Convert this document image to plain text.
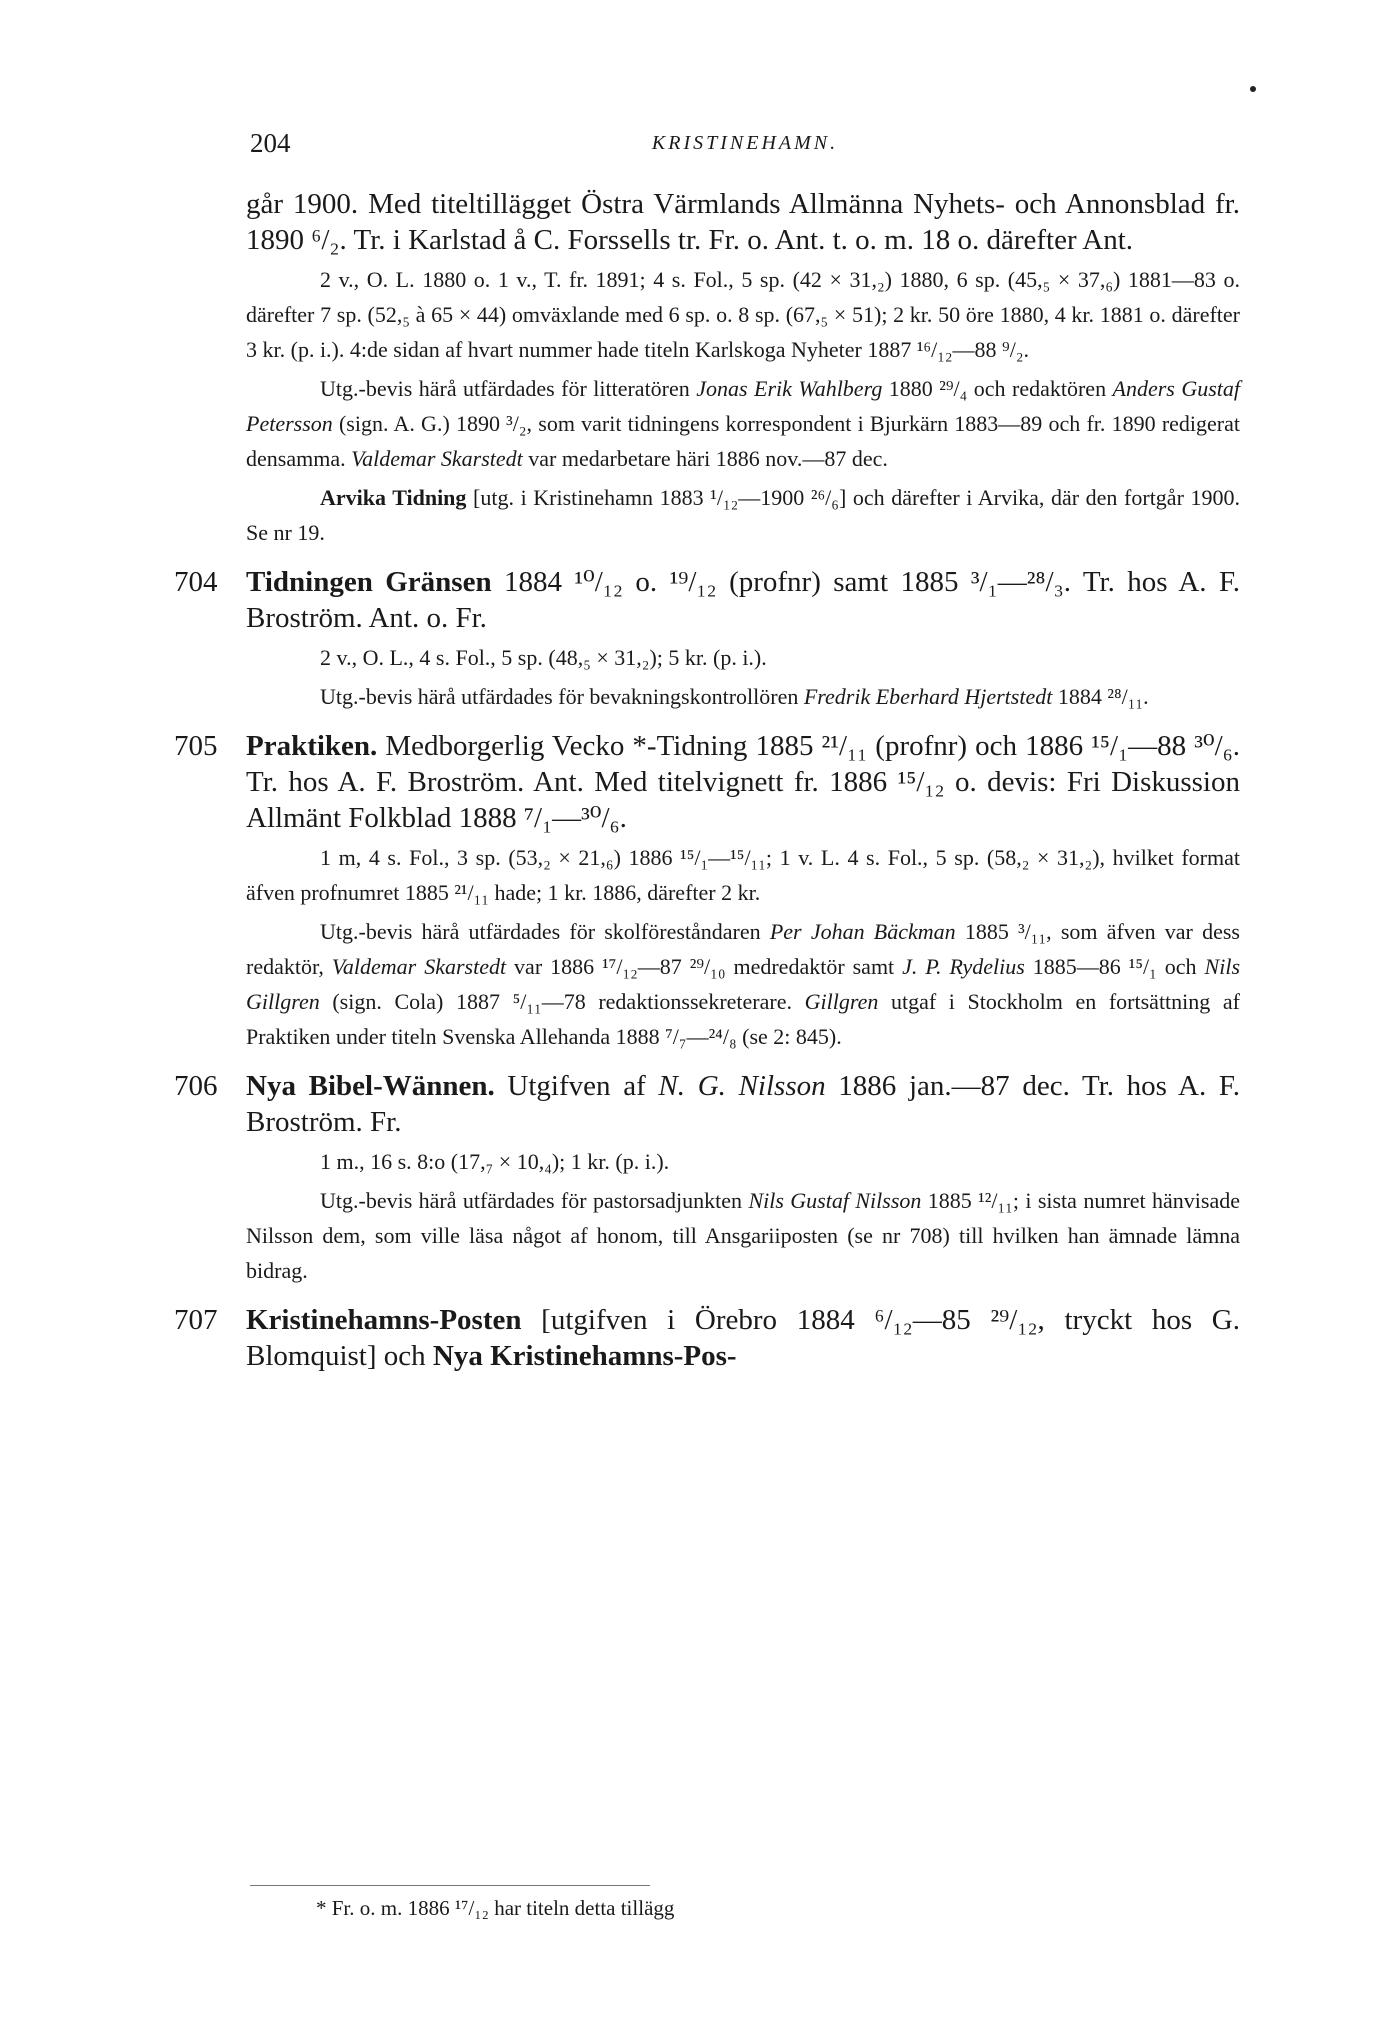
204	KRISTINEHAMN.

går 1900. Med titeltillägget Östra Värmlands Allmänna Nyhets- och Annonsblad fr. 1890 ⁶/₂. Tr. i Karlstad å C. Forssells tr. Fr. o. Ant. t. o. m. 18 o. därefter Ant.

2 v., O. L. 1880 o. 1 v., T. fr. 1891; 4 s. Fol., 5 sp. (42 × 31,₂) 1880, 6 sp. (45,₅ × 37,₆) 1881—83 o. därefter 7 sp. (52,₅ à 65 × 44) omväxlande med 6 sp. o. 8 sp. (67,₅ × 51); 2 kr. 50 öre 1880, 4 kr. 1881 o. därefter 3 kr. (p. i.). 4:de sidan af hvart nummer hade titeln Karlskoga Nyheter 1887 ¹⁶/₁₂—88 ⁹/₂.

Utg.-bevis härå utfärdades för litteratören Jonas Erik Wahlberg 1880 ²⁹/₄ och redaktören Anders Gustaf Petersson (sign. A. G.) 1890 ³/₂, som varit tidningens korrespondent i Bjurkärn 1883—89 och fr. 1890 redigerat densamma. Valdemar Skarstedt var medarbetare häri 1886 nov.—87 dec.

Arvika Tidning [utg. i Kristinehamn 1883 ¹/₁₂—1900 ²⁶/₆] och därefter i Arvika, där den fortgår 1900. Se nr 19.

704 Tidningen Gränsen 1884 ¹⁰/₁₂ o. ¹⁹/₁₂ (profnr) samt 1885 ³/₁—²⁸/₃. Tr. hos A. F. Broström. Ant. o. Fr.

2 v., O. L., 4 s. Fol., 5 sp. (48,₅ × 31,₂); 5 kr. (p. i.).

Utg.-bevis härå utfärdades för bevakningskontrollören Fredrik Eberhard Hjertstedt 1884 ²⁸/₁₁.

705 Praktiken. Medborgerlig Vecko *-Tidning 1885 ²¹/₁₁ (profnr) och 1886 ¹⁵/₁—88 ³⁰/₆. Tr. hos A. F. Broström. Ant. Med titelvignett fr. 1886 ¹⁵/₁₂ o. devis: Fri Diskussion Allmänt Folkblad 1888 ⁷/₁—³⁰/₆.

1 m, 4 s. Fol., 3 sp. (53,₂ × 21,₆) 1886 ¹⁵/₁—¹⁵/₁₁; 1 v. L. 4 s. Fol., 5 sp. (58,₂ × 31,₂), hvilket format äfven profnumret 1885 ²¹/₁₁ hade; 1 kr. 1886, därefter 2 kr.

Utg.-bevis härå utfärdades för skolföreståndaren Per Johan Bäckman 1885 ³/₁₁, som äfven var dess redaktör, Valdemar Skarstedt var 1886 ¹⁷/₁₂—87 ²⁹/₁₀ medredaktör samt J. P. Rydelius 1885—86 ¹⁵/₁ och Nils Gillgren (sign. Cola) 1887 ⁵/₁₁—78 redaktionssekreterare. Gillgren utgaf i Stockholm en fortsättning af Praktiken under titeln Svenska Allehanda 1888 ⁷/₇—²⁴/₈ (se 2: 845).

706 Nya Bibel-Wännen. Utgifven af N. G. Nilsson 1886 jan.—87 dec. Tr. hos A. F. Broström. Fr.

1 m., 16 s. 8:o (17,₇ × 10,₄); 1 kr. (p. i.).

Utg.-bevis härå utfärdades för pastorsadjunkten Nils Gustaf Nilsson 1885 ¹²/₁₁; i sista numret hänvisade Nilsson dem, som ville läsa något af honom, till Ansgariiposten (se nr 708) till hvilken han ämnade lämna bidrag.

707 Kristinehamns-Posten [utgifven i Örebro 1884 ⁶/₁₂—85 ²⁹/₁₂, tryckt hos G. Blomquist] och Nya Kristinehamns-Pos-

* Fr. o. m. 1886 ¹⁷/₁₂ har titeln detta tillägg
